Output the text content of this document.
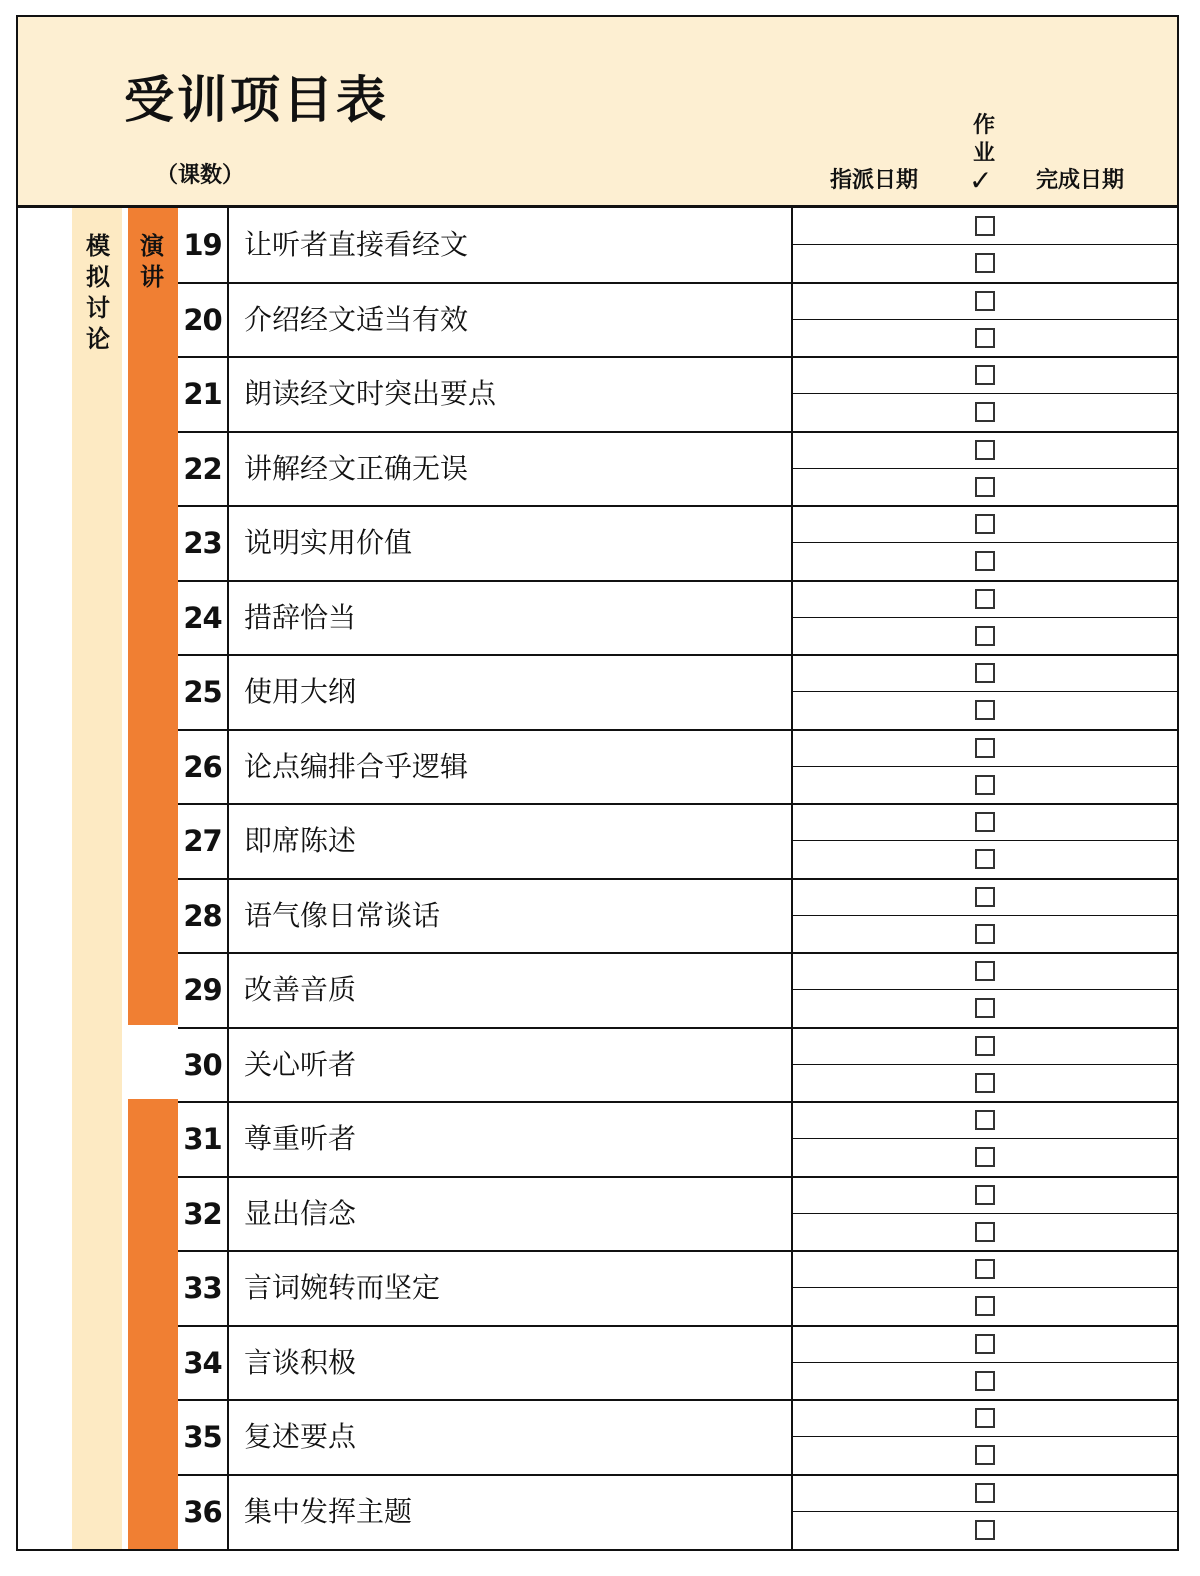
受训项目表
（课数）	指派日期
作
业
✓ 完成日期
模拟讨论
演讲
19 让听者直接看经文
20 介绍经文适当有效
21 朗读经文时突出要点
22 讲解经文正确无误
23 说明实用价值
24 措辞恰当
25 使用大纲
26 论点编排合乎逻辑
27 即席陈述
28 语气像日常谈话
29 改善音质
30 关心听者
31 尊重听者
32 显出信念
33 言词婉转而坚定
34 言谈积极
35 复述要点
36 集中发挥主题
